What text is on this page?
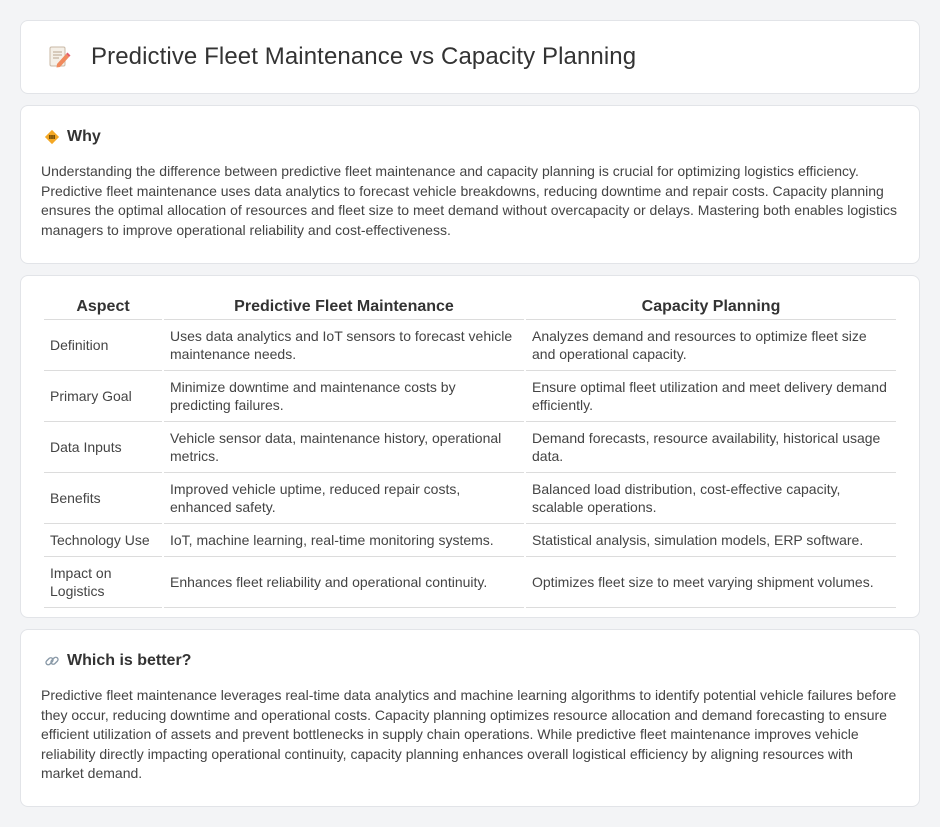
Predictive Fleet Maintenance vs Capacity Planning
Why

Understanding the difference between predictive fleet maintenance and capacity planning is crucial for optimizing logistics efficiency. Predictive fleet maintenance uses data analytics to forecast vehicle breakdowns, reducing downtime and repair costs. Capacity planning ensures the optimal allocation of resources and fleet size to meet demand without overcapacity or delays. Mastering both enables logistics managers to improve operational reliability and cost-effectiveness.

Aspect	Predictive Fleet Maintenance	Capacity Planning
Definition	Uses data analytics and IoT sensors to forecast vehicle maintenance needs.	Analyzes demand and resources to optimize fleet size and operational capacity.
Primary Goal	Minimize downtime and maintenance costs by predicting failures.	Ensure optimal fleet utilization and meet delivery demand efficiently.
Data Inputs	Vehicle sensor data, maintenance history, operational metrics.	Demand forecasts, resource availability, historical usage data.
Benefits	Improved vehicle uptime, reduced repair costs, enhanced safety.	Balanced load distribution, cost-effective capacity, scalable operations.
Technology Use	IoT, machine learning, real-time monitoring systems.	Statistical analysis, simulation models, ERP software.
Impact on Logistics	Enhances fleet reliability and operational continuity.	Optimizes fleet size to meet varying shipment volumes.
Which is better?

Predictive fleet maintenance leverages real-time data analytics and machine learning algorithms to identify potential vehicle failures before they occur, reducing downtime and operational costs. Capacity planning optimizes resource allocation and demand forecasting to ensure efficient utilization of assets and prevent bottlenecks in supply chain operations. While predictive fleet maintenance improves vehicle reliability directly impacting operational continuity, capacity planning enhances overall logistical efficiency by aligning resources with market demand.
